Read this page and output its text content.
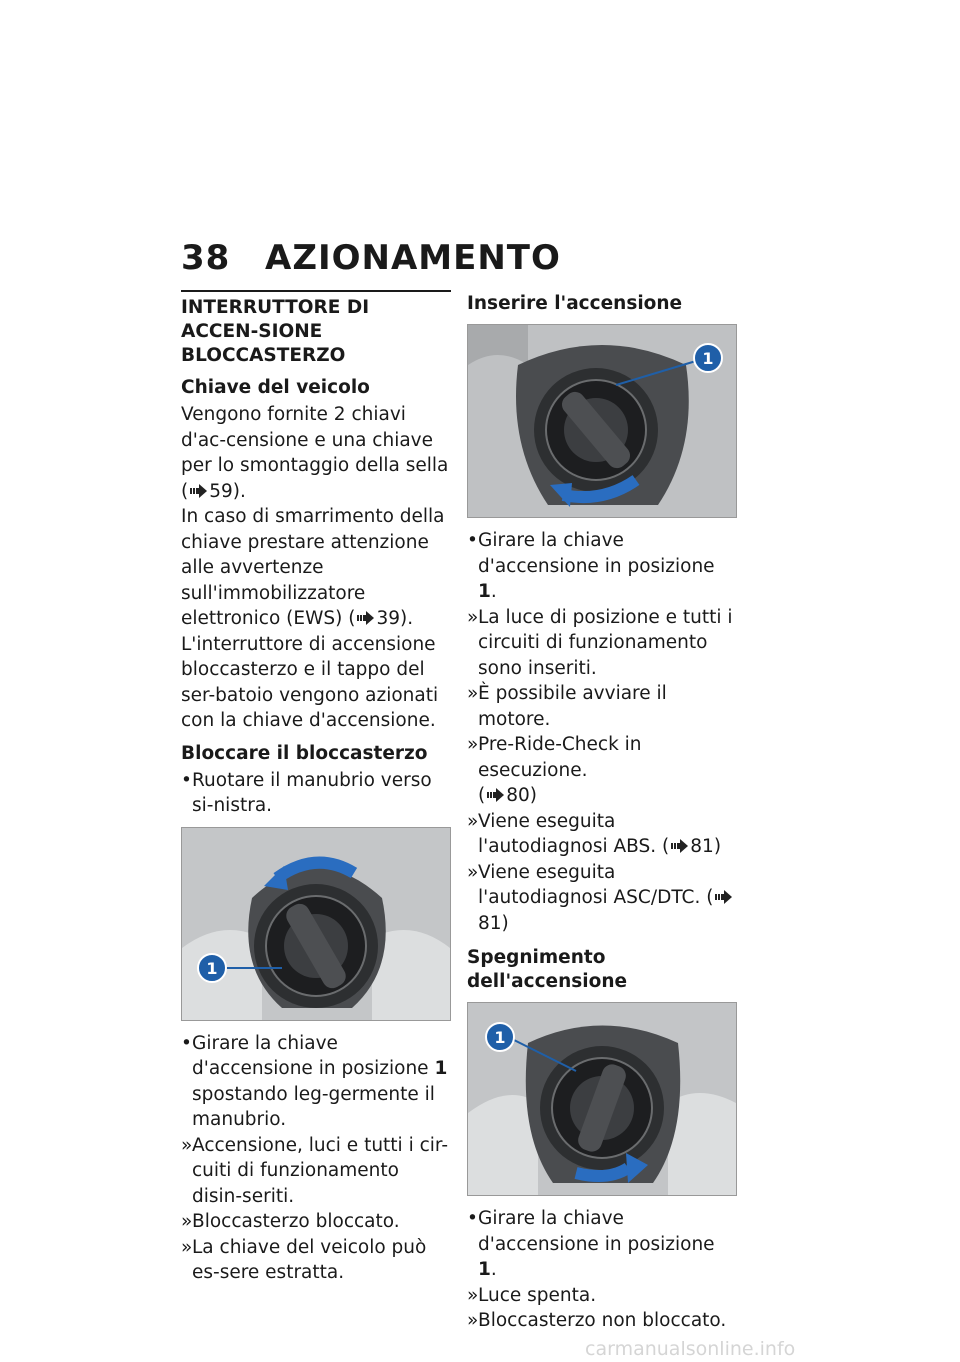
38 AZIONAMENTO
INTERRUTTORE DI ACCEN-SIONE BLOCCASTERZO
Chiave del veicolo

Vengono fornite 2 chiavi d'ac-censione e una chiave per lo smontaggio della sella ( 59).

In caso di smarrimento della chiave prestare attenzione alle avvertenze sull'immobilizzatore elettronico (EWS) ( 39).

L'interruttore di accensione bloccasterzo e il tappo del ser-batoio vengono azionati con la chiave d'accensione.

Bloccare il bloccasterzo

•Ruotare il manubrio verso si-nistra.

1

•Girare la chiave d'accensione in posizione 1 spostando leg-germente il manubrio.

»Accensione, luci e tutti i cir-cuiti di funzionamento disin-seriti.

»Bloccasterzo bloccato.

»La chiave del veicolo può es-sere estratta.

Inserire l'accensione
1

•Girare la chiave d'accensione in posizione 1.

»La luce di posizione e tutti i circuiti di funzionamento sono inseriti.

»È possibile avviare il motore.

»Pre-Ride-Check in esecuzione.
( 80)

»Viene eseguita l'autodiagnosi ABS. ( 81)

»Viene eseguita l'autodiagnosi ASC/DTC. (81)

Spegnimento dell'accensione
1

•Girare la chiave d'accensione in posizione 1.

»Luce spenta.

»Bloccasterzo non bloccato.

carmanualsonline.info
